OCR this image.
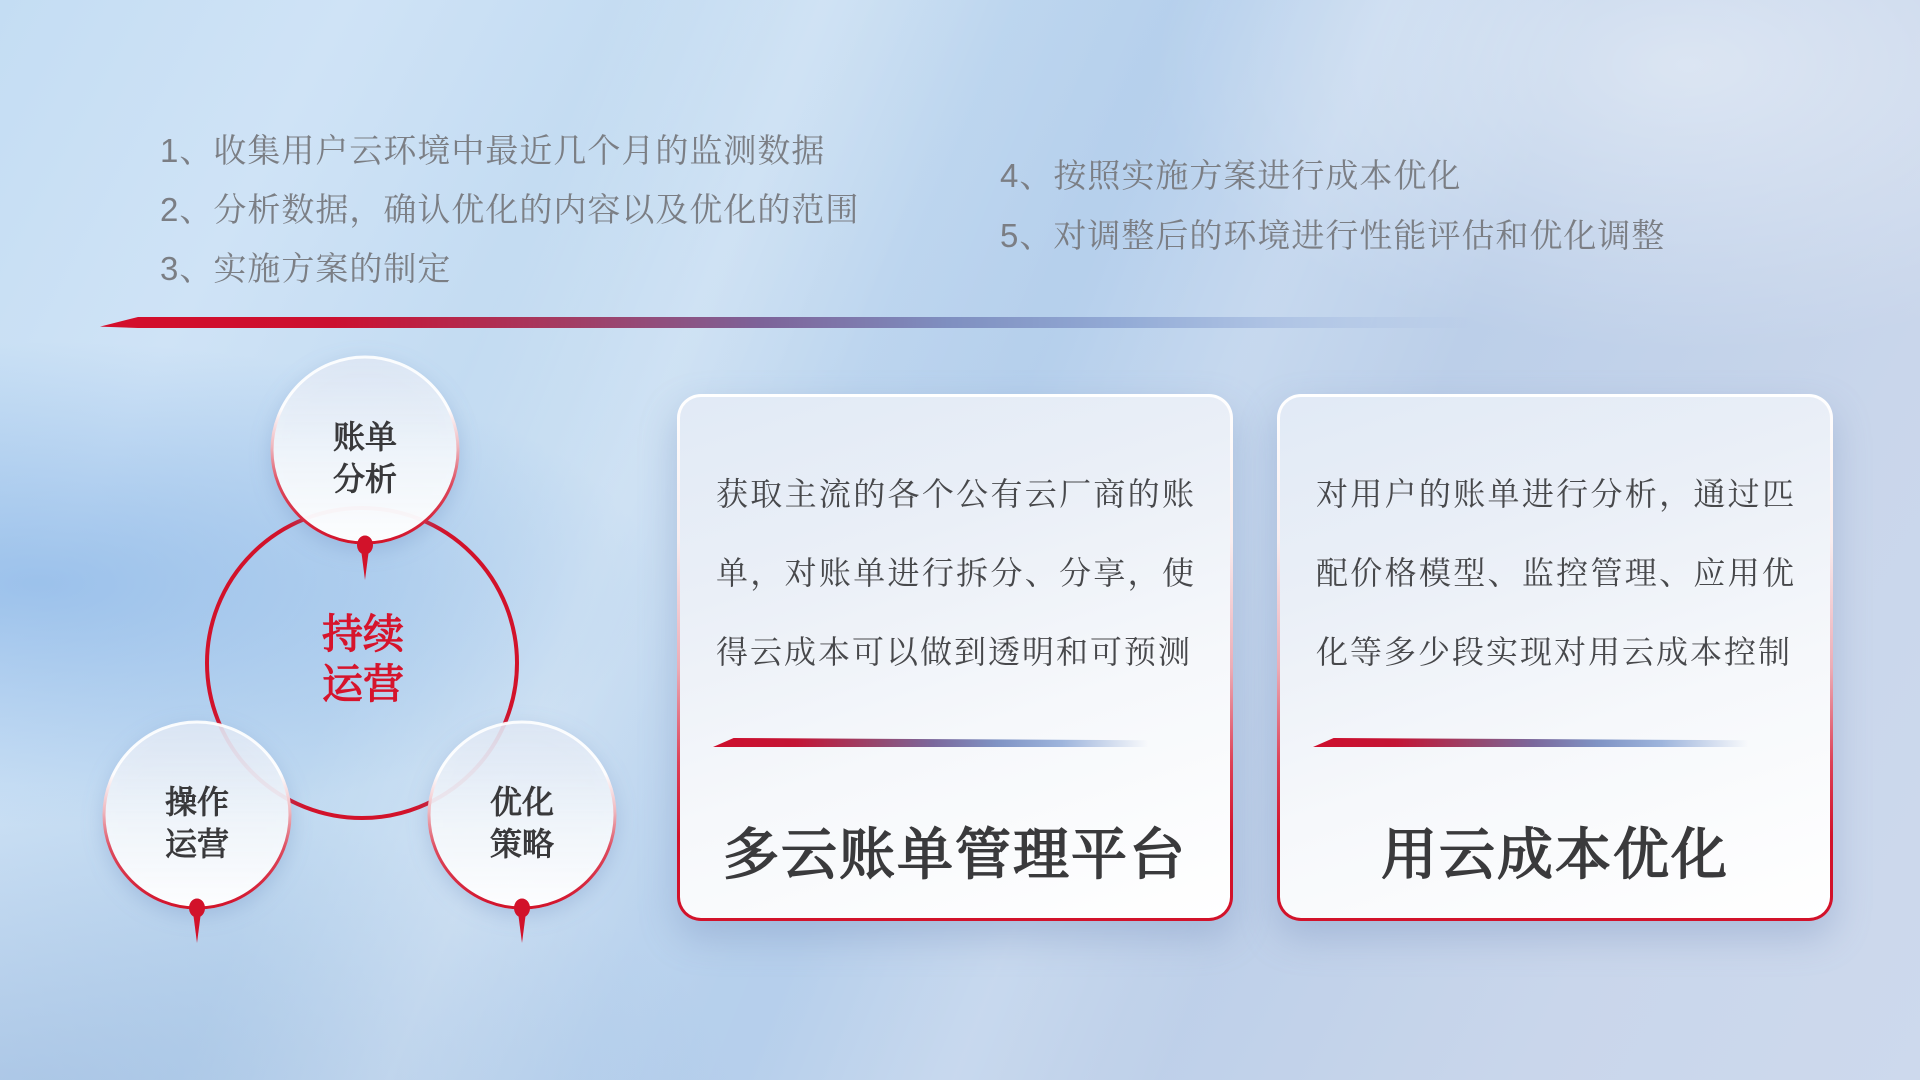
1、收集用户云环境中最近几个月的监测数据
2、分析数据，确认优化的内容以及优化的范围
3、实施方案的制定
4、按照实施方案进行成本优化
5、对调整后的环境进行性能评估和优化调整
持续
运营
账单
分析
操作
运营
优化
策略
获取主流的各个公有云厂商的账单，对账单进行拆分、分享，使得云成本可以做到透明和可预测
多云账单管理平台
对用户的账单进行分析，通过匹配价格模型、监控管理、应用优化等多少段实现对用云成本控制
用云成本优化
